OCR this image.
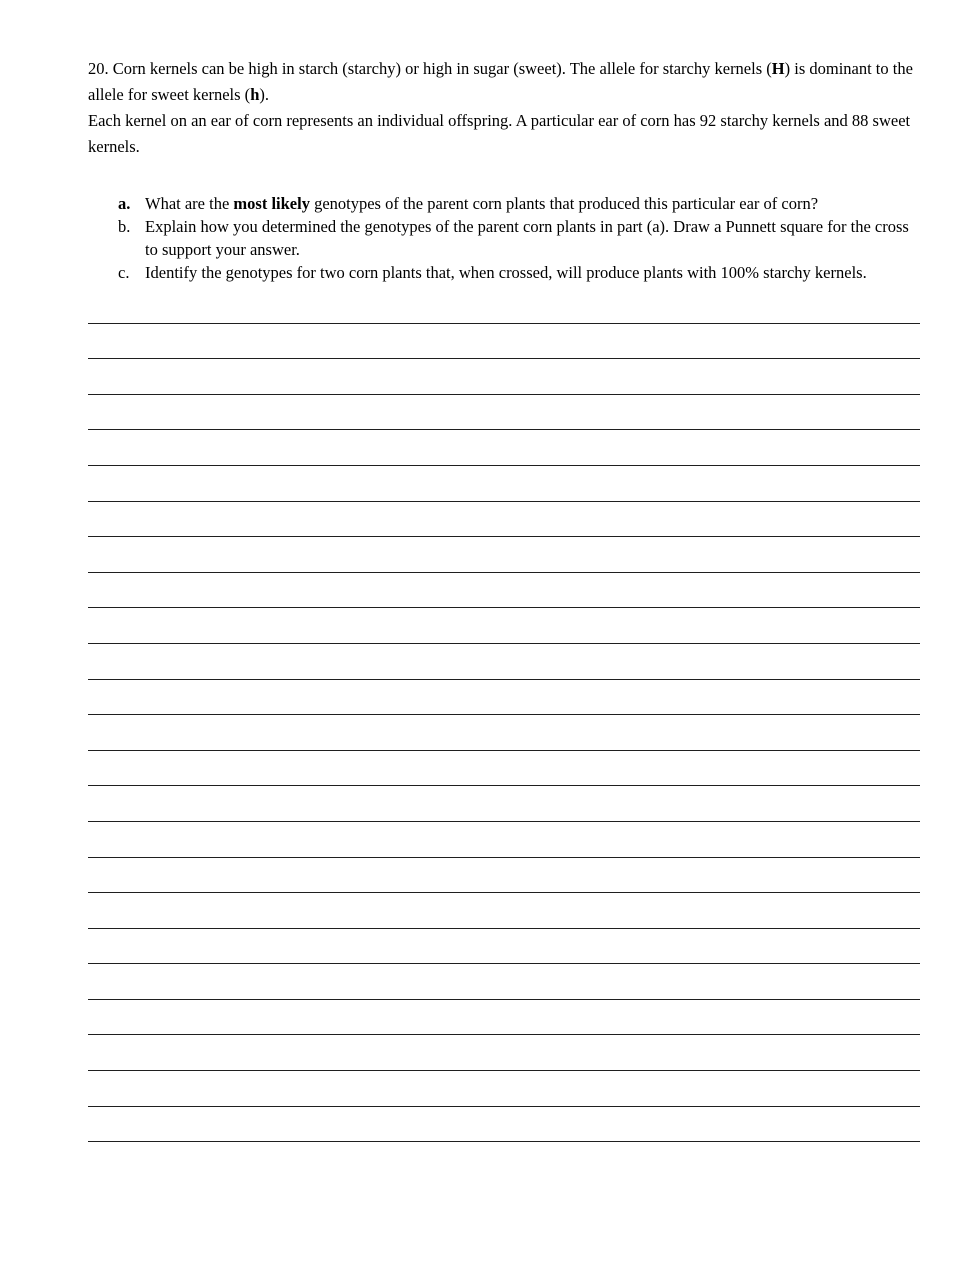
20. Corn kernels can be high in starch (starchy) or high in sugar (sweet). The allele for starchy kernels (H) is dominant to the allele for sweet kernels (h).

Each kernel on an ear of corn represents an individual offspring. A particular ear of corn has 92 starchy kernels and 88 sweet kernels.

a. What are the most likely genotypes of the parent corn plants that produced this particular ear of corn?
b. Explain how you determined the genotypes of the parent corn plants in part (a). Draw a Punnett square for the cross to support your answer.
c. Identify the genotypes for two corn plants that, when crossed, will produce plants with 100% starchy kernels.
